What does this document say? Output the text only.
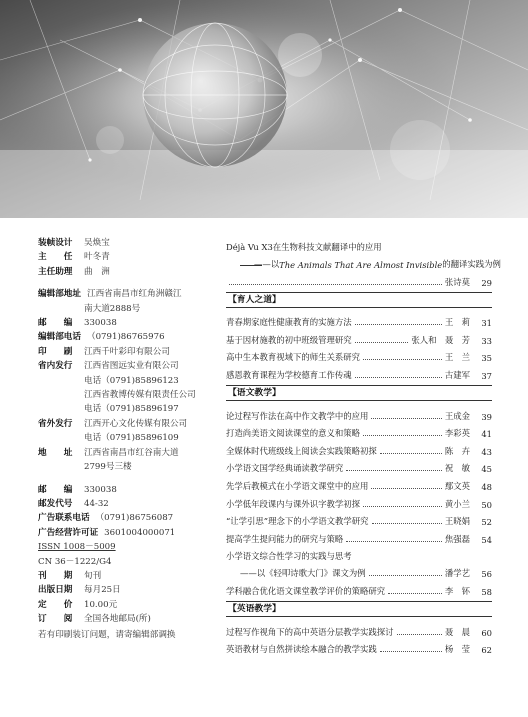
装帧设计	吴焕宝
主　　任	叶冬青
主任助理	曲　洲
编辑部地址 江西省南昌市红角洲赣江
南大道2888号
邮　　编	330038
编辑部电话 （0791)86765976
印　　刷	江西千叶彩印有限公司
省内发行	江西省图远实业有限公司
电话（0791)85896123
江西省教博传媒有限责任公司
电话（0791)85896197
省外发行	江西开心文化传媒有限公司
电话（0791)85896109
地　　址	江西省南昌市红谷南大道
2799号三楼
邮　　编	330038
邮发代号	44-32
广告联系电话 （0791)86756087
广告经营许可证 3601004000071
ISSN 1008－5009
CN 36－1222/G4
刊　　期	旬刊
出版日期	每月25日
定　　价	10.00元
订　　阅	全国各地邮局(所)
若有印刷装订问题，请寄编辑部调换
Déjà Vu X3在生物科技文献翻译中的应用
——以 The Animals That Are Almost Invisible 的翻译实践为例
张诗莫 29
【育人之道】
青春期家庭性健康教育的实施方法	王　莉 31
基于因材施教的初中班级管理研究	张人和　聂　芳 33
高中生本教育视域下的师生关系研究	王　兰 35
感恩教育课程为学校德育工作传魂	古建军 37
【语文教学】
论过程写作法在高中作文教学中的应用	王成金 39
打造尚美语文阅读课堂的意义和策略	李彩英 41
全媒体时代班级线上阅读会实践策略初探	陈　卉 43
小学语文国学经典诵读教学研究	祝　敏 45
先学后教模式在小学语文课堂中的应用	鄢文英 48
小学低年段课内与课外识字教学初探	黄小兰 50
“让学引思”理念下的小学语文教学研究	王晓娟 52
提高学生提问能力的研究与策略	焦强磊 54
小学语文综合性学习的实践与思考
——以《轻叩诗歌大门》课文为例	潘学艺 56
学科融合优化语文课堂教学评价的策略研究	李　钚 58
【英语教学】
过程写作视角下的高中英语分层教学实践探讨	聂　晨 60
英语教材与自然拼读绘本融合的教学实践	杨　莹 62
